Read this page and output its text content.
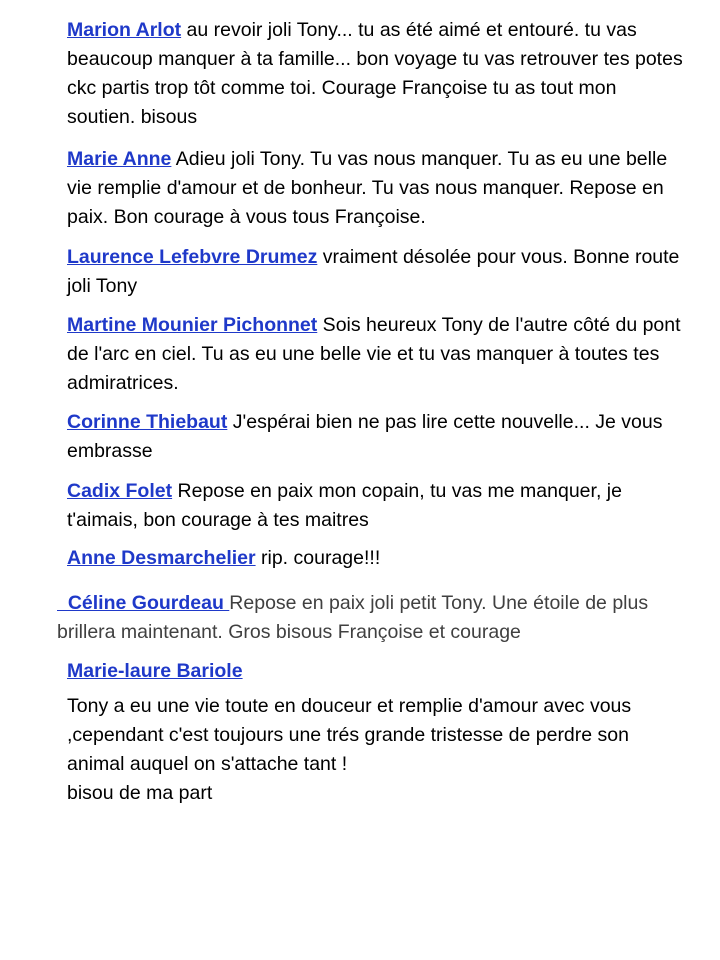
Marion Arlot au revoir joli Tony... tu as été aimé et entouré. tu vas beaucoup manquer à ta famille... bon voyage tu vas retrouver tes potes ckc partis trop tôt comme toi. Courage Françoise tu as tout mon soutien. bisous

Marie Anne Adieu joli Tony. Tu vas nous manquer. Tu as eu une belle vie remplie d'amour et de bonheur. Tu vas nous manquer. Repose en paix. Bon courage à vous tous Françoise.

Laurence Lefebvre Drumez vraiment désolée pour vous. Bonne route joli Tony

Martine Mounier Pichonnet Sois heureux Tony de l'autre côté du pont de l'arc en ciel. Tu as eu une belle vie et tu vas manquer à toutes tes admiratrices.

Corinne Thiebaut J'espérai bien ne pas lire cette nouvelle... Je vous embrasse

Cadix Folet Repose en paix mon copain, tu vas me manquer, je t'aimais, bon courage à tes maitres

Anne Desmarchelier rip. courage!!!

Céline Gourdeau Repose en paix joli petit Tony. Une étoile de plus brillera maintenant. Gros bisous Françoise et courage

Marie-laure Bariole
Tony a eu une vie toute en douceur et remplie d'amour avec vous ,cependant c'est toujours une trés grande tristesse de perdre son animal auquel on s'attache tant !
bisou de ma part
